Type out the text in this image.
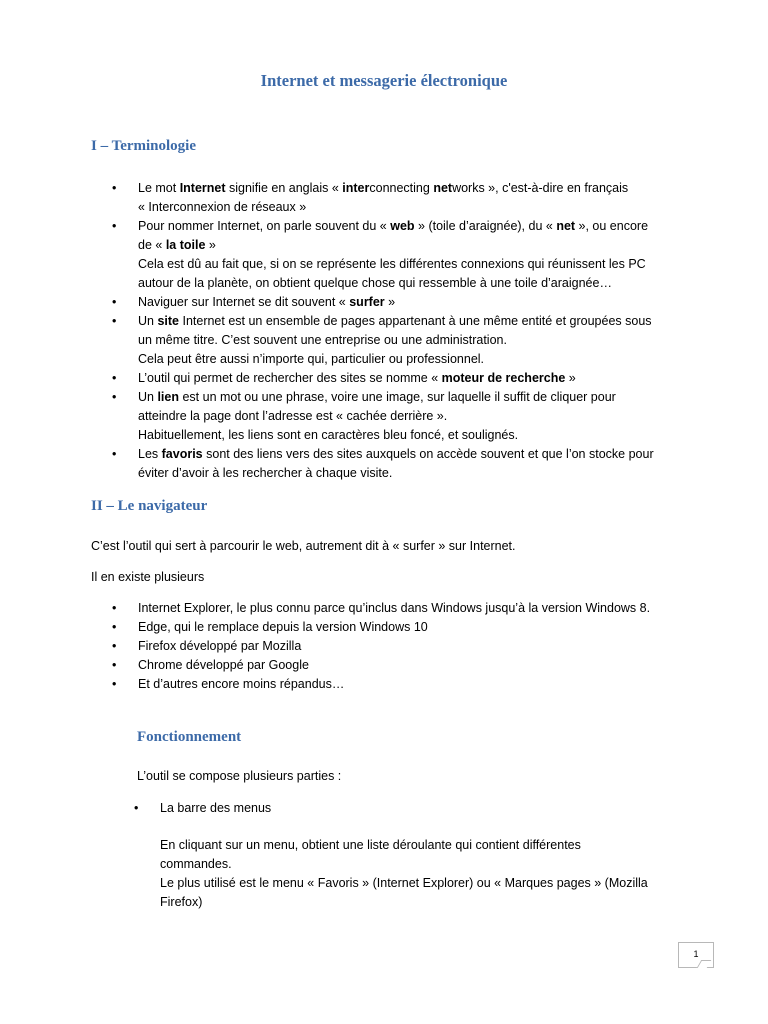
Internet et messagerie électronique
I – Terminologie
• Le mot Internet signifie en anglais « interconnecting networks », c'est-à-dire en français
« Interconnexion de réseaux »
• Pour nommer Internet, on parle souvent du « web » (toile d’araignée), du « net », ou encore
de « la toile »
Cela est dû au fait que, si on se représente les différentes connexions qui réunissent les PC
autour de la planète, on obtient quelque chose qui ressemble à une toile d’araignée…
• Naviguer sur Internet se dit souvent « surfer »
• Un site Internet est un ensemble de pages appartenant à une même entité et groupées sous
un même titre. C’est souvent une entreprise ou une administration.
Cela peut être aussi n’importe qui, particulier ou professionnel.
• L’outil qui permet de rechercher des sites se nomme « moteur de recherche »
• Un lien est un mot ou une phrase, voire une image, sur laquelle il suffit de cliquer pour
atteindre la page dont l’adresse est « cachée derrière ».
Habituellement, les liens sont en caractères bleu foncé, et soulignés.
• Les favoris sont des liens vers des sites auxquels on accède souvent et que l’on stocke pour
éviter d’avoir à les rechercher à chaque visite.
II – Le navigateur

C’est l’outil qui sert à parcourir le web, autrement dit à « surfer » sur Internet.

Il en existe plusieurs

• Internet Explorer, le plus connu parce qu’inclus dans Windows jusqu’à la version Windows 8.
• Edge, qui le remplace depuis la version Windows 10
• Firefox développé par Mozilla
• Chrome développé par Google
• Et d’autres encore moins répandus…
Fonctionnement

L’outil se compose plusieurs parties :

• La barre des menus
En cliquant sur un menu, obtient une liste déroulante qui contient différentes
commandes.
Le plus utilisé est le menu « Favoris » (Internet Explorer) ou « Marques pages » (Mozilla
Firefox)
1
